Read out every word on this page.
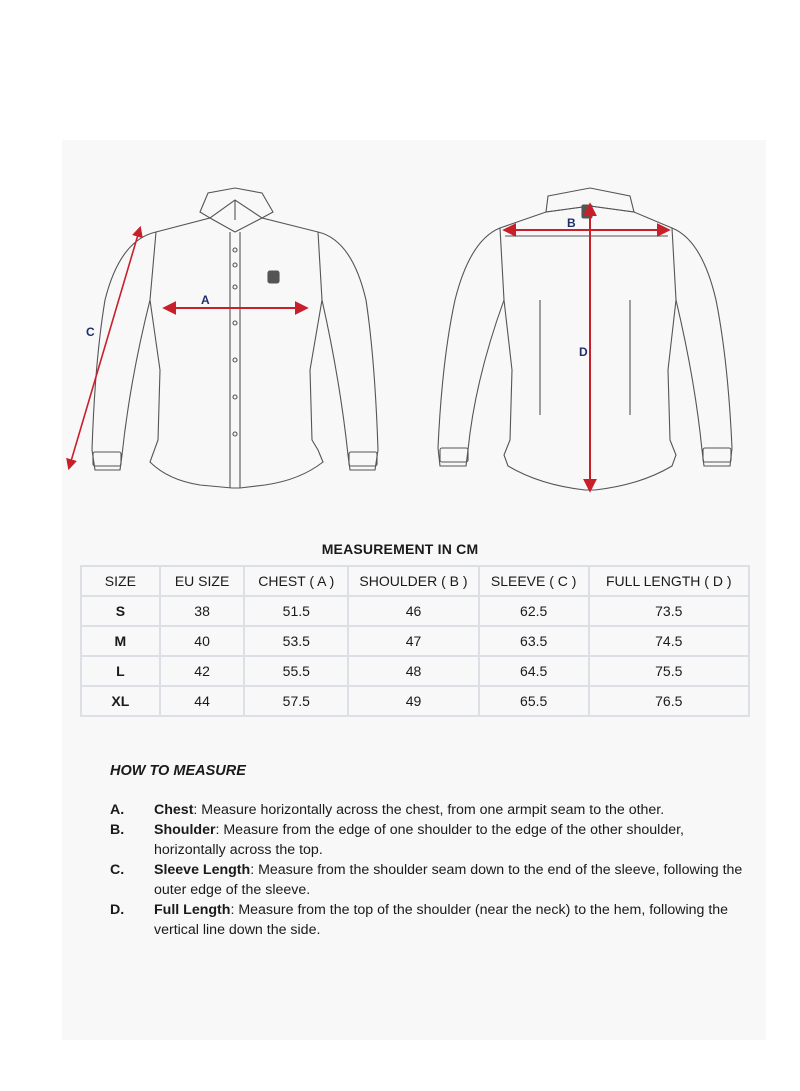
A
C
B
D
MEASUREMENT IN CM
SIZE	EU SIZE	CHEST ( A )	SHOULDER ( B )	SLEEVE ( C )	FULL LENGTH ( D )
S	38	51.5	46	62.5	73.5
M	40	53.5	47	63.5	74.5
L	42	55.5	48	64.5	75.5
XL	44	57.5	49	65.5	76.5
HOW TO MEASURE
A. Chest: Measure horizontally across the chest, from one armpit seam to the other.
B. Shoulder: Measure from the edge of one shoulder to the edge of the other shoulder, horizontally across the top.
C. Sleeve Length: Measure from the shoulder seam down to the end of the sleeve, following the outer edge of the sleeve.
D. Full Length: Measure from the top of the shoulder (near the neck) to the hem, following the vertical line down the side.
